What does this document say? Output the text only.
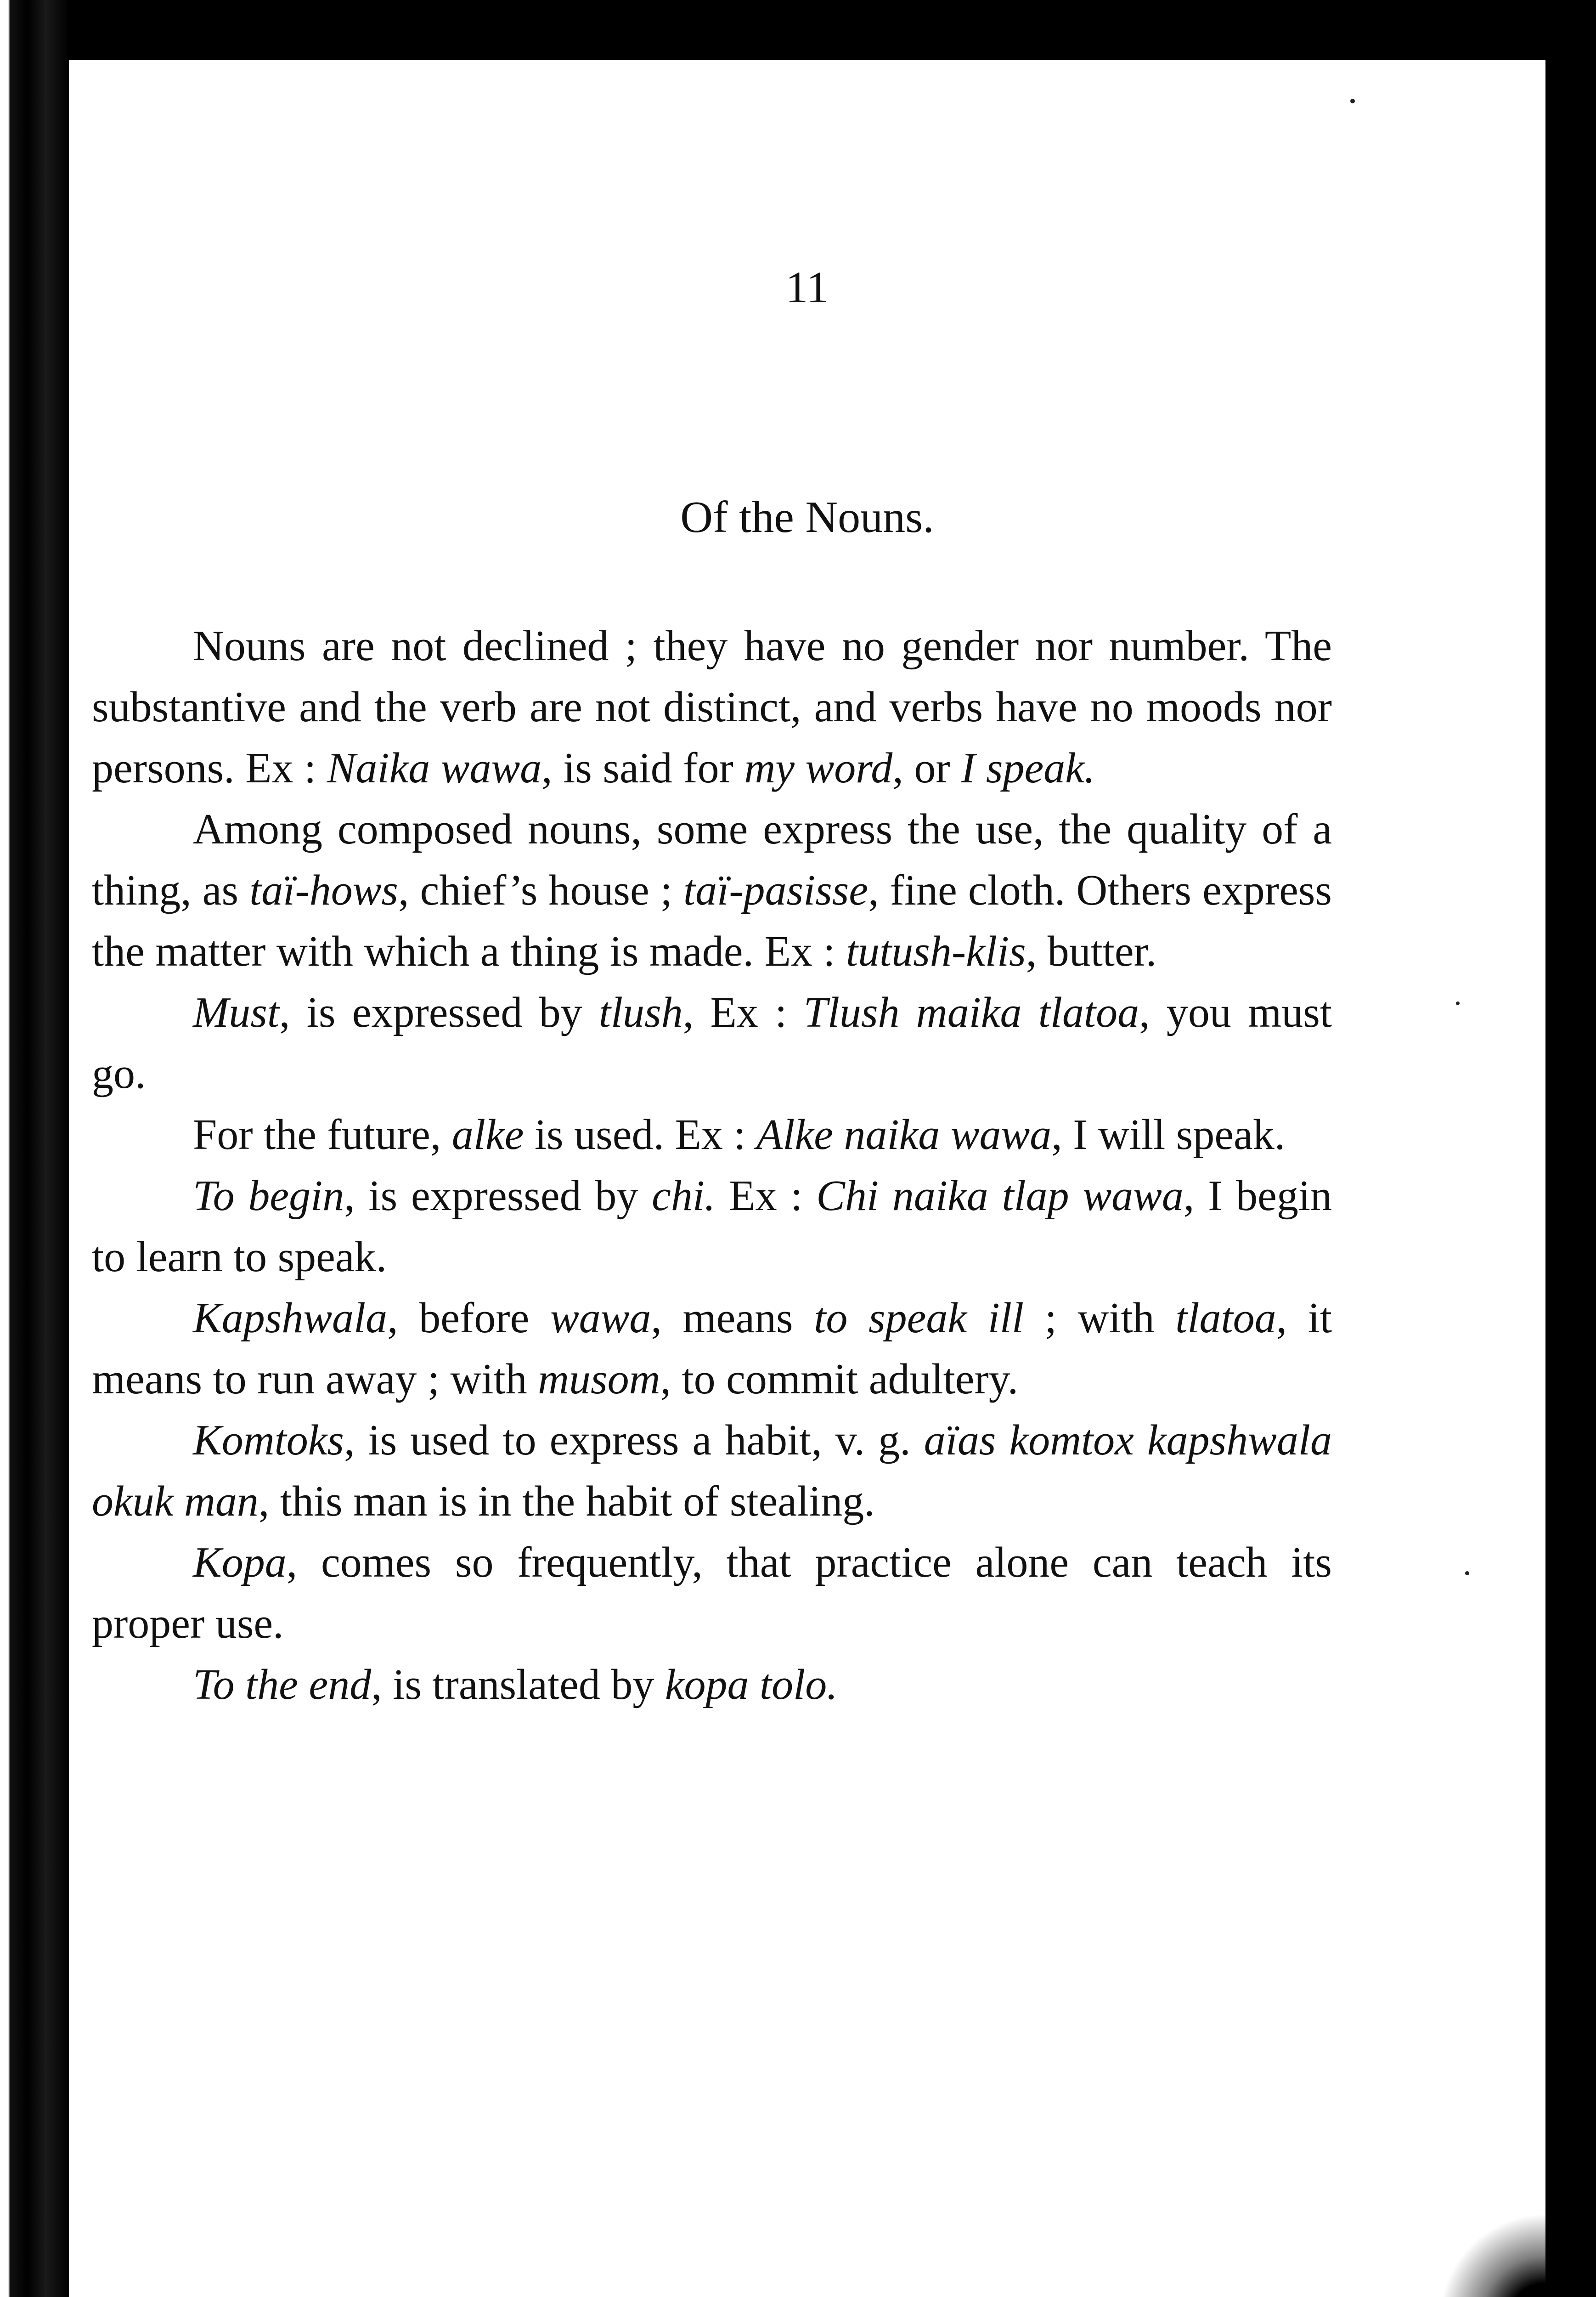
11
Of the Nouns.

Nouns are not declined ; they have no gender nor number. The substantive and the verb are not distinct, and verbs have no moods nor persons. Ex : Naika wawa, is said for my word, or I speak.

Among composed nouns, some express the use, the quality of a thing, as taï-hows, chief’s house ; taï-pasisse, fine cloth. Others express the matter with which a thing is made. Ex : tutush-klis, butter.

Must, is expressed by tlush, Ex : Tlush maika tlatoa, you must go.

For the future, alke is used. Ex : Alke naika wawa, I will speak.

To begin, is expressed by chi. Ex : Chi naika tlap wawa, I begin to learn to speak.

Kapshwala, before wawa, means to speak ill ; with tlatoa, it means to run away ; with musom, to commit adultery.

Komtoks, is used to express a habit, v. g. aïas komtox kapshwala okuk man, this man is in the habit of stealing.

Kopa, comes so frequently, that practice alone can teach its proper use.

To the end, is translated by kopa tolo.
